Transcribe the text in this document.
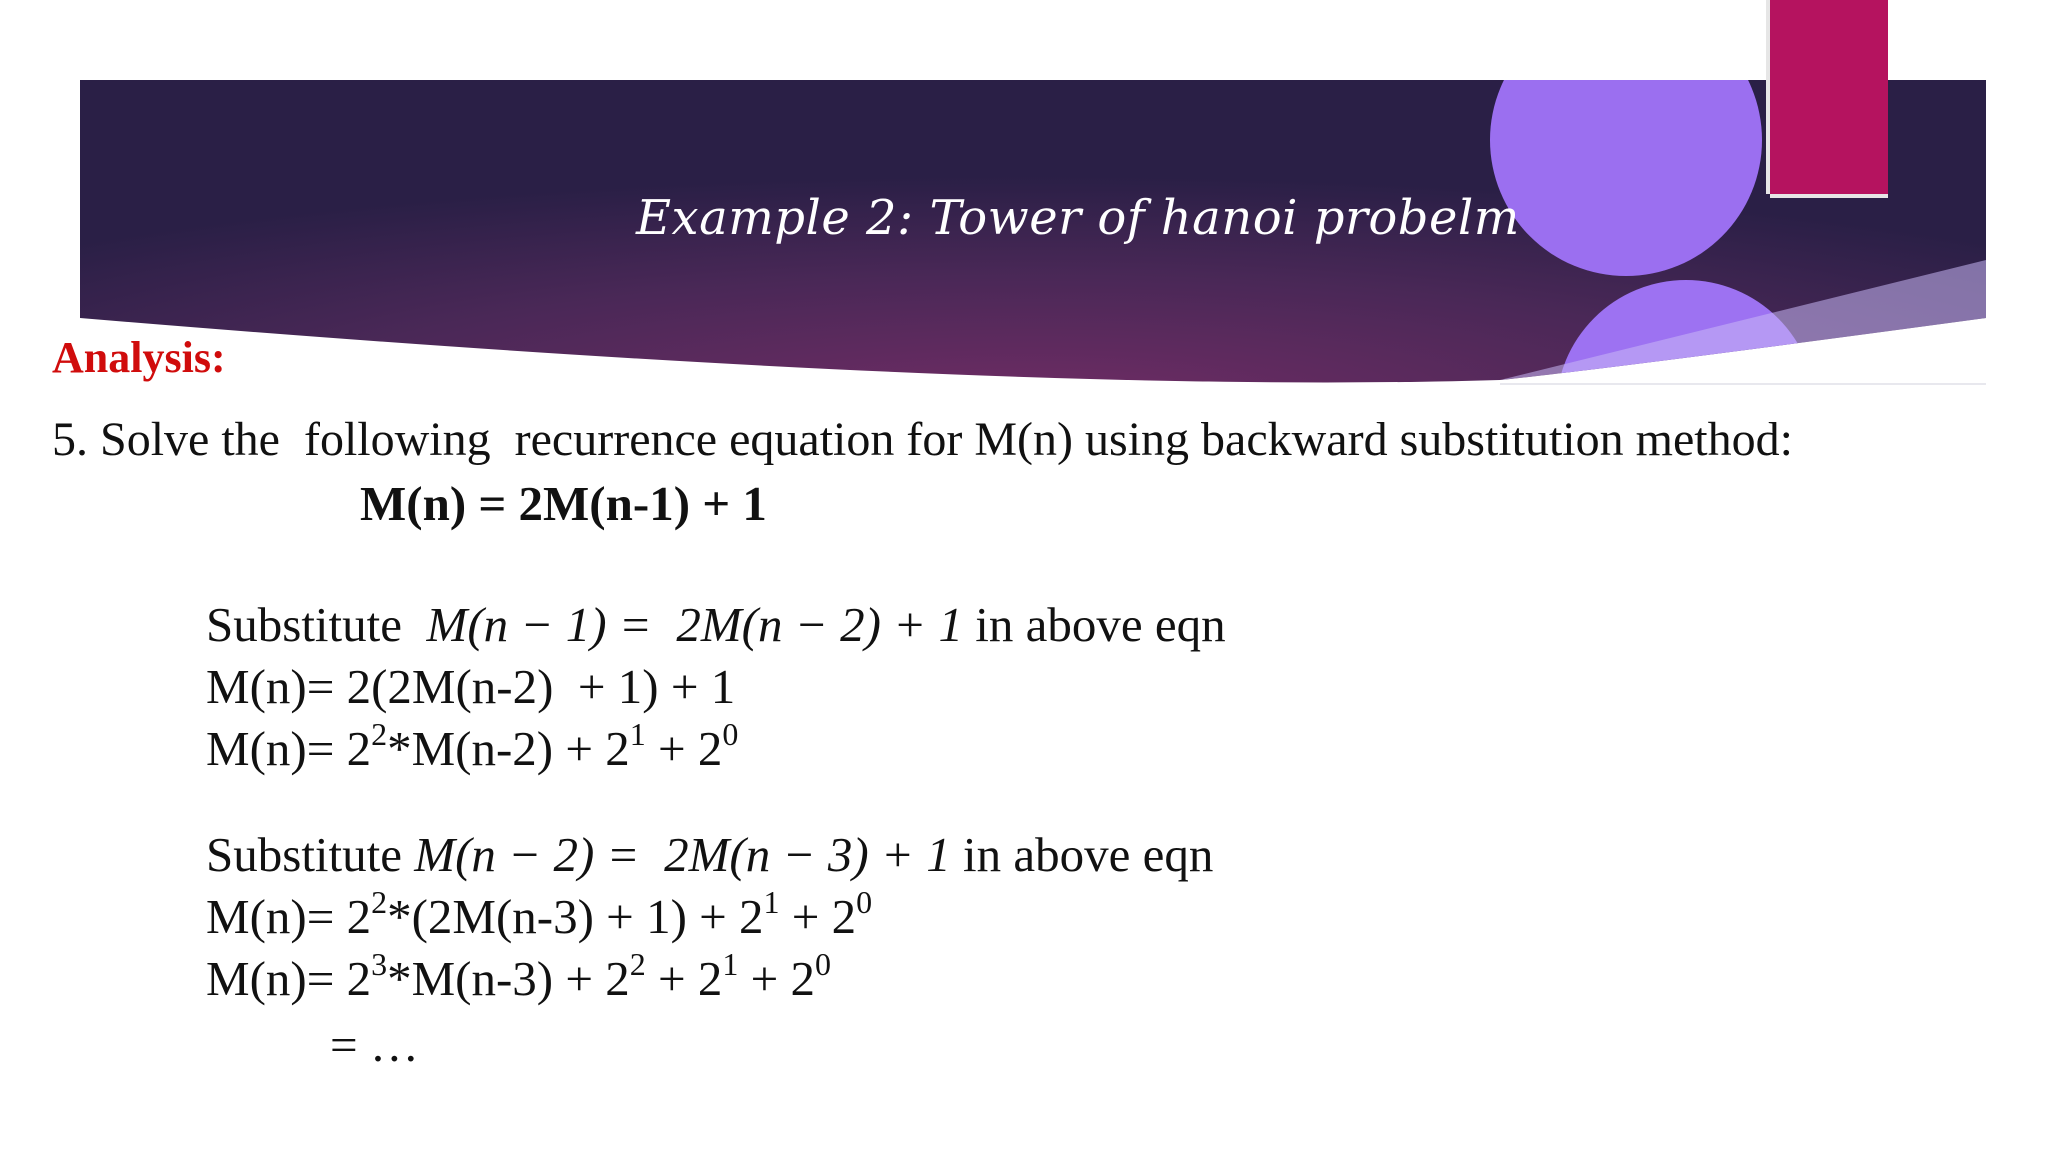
Example 2: Tower of hanoi probelm
Analysis:
5. Solve the  following  recurrence equation for M(n) using backward substitution method:
M(n) = 2M(n-1) + 1
Substitute  M(n − 1) =  2M(n − 2) + 1 in above eqn
M(n)= 2(2M(n-2)  + 1) + 1
$M(n)= 2^2*M(n-2) + 2^1 + 2^0$
Substitute M(n − 2) =  2M(n − 3) + 1 in above eqn
$M(n)= 2^2*(2M(n-3) + 1) + 2^1 + 2^0$
$M(n)= 2^3*M(n-3) + 2^2 + 2^1 + 2^0$
= …
